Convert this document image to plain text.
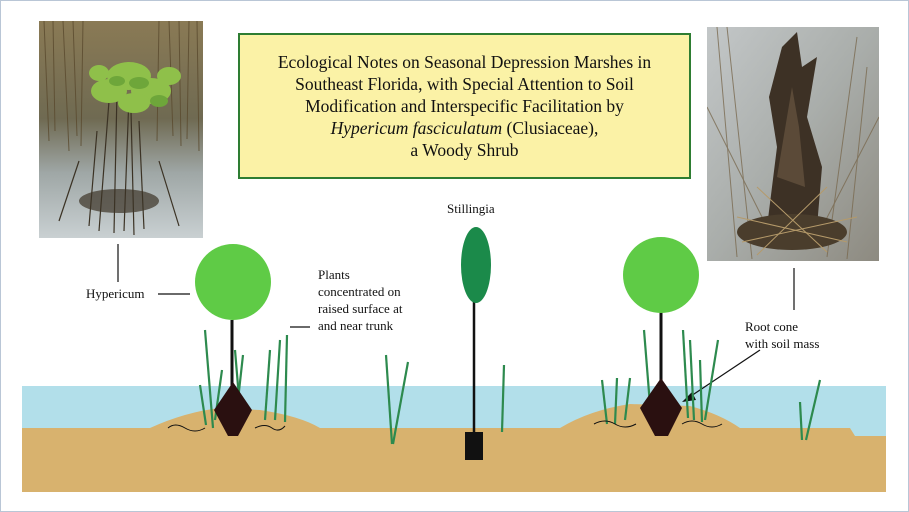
Ecological Notes on Seasonal Depression Marshes in
Southeast Florida, with Special Attention to Soil
Modification and Interspecific Facilitation by
Hypericum fasciculatum (Clusiaceae),
a Woody Shrub
Hypericum
Stillingia
Plants
concentrated on
raised surface at
and near trunk	Root cone
with soil mass
